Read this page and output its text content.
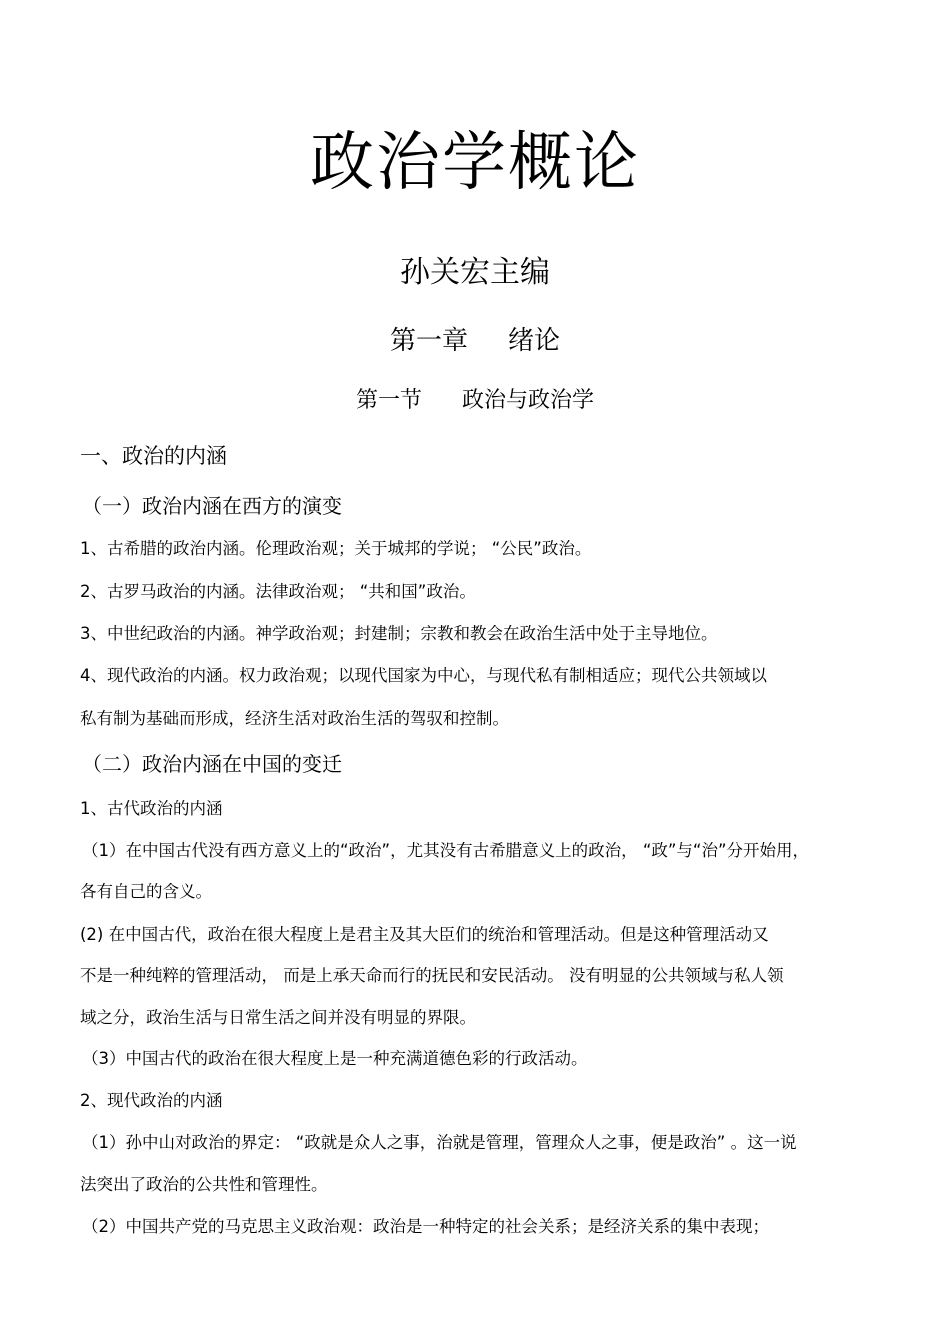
政治学概论
孙关宏主编
第一章 绪论
第一节 政治与政治学
一、政治的内涵
（一）政治内涵在西方的演变
1、古希腊的政治内涵。伦理政治观；关于城邦的学说； “公民”政治。
2、古罗马政治的内涵。法律政治观； “共和国”政治。
3、中世纪政治的内涵。神学政治观；封建制；宗教和教会在政治生活中处于主导地位。
4、现代政治的内涵。权力政治观；以现代国家为中心，与现代私有制相适应；现代公共领域以
私有制为基础而形成，经济生活对政治生活的驾驭和控制。
（二）政治内涵在中国的变迁
1、古代政治的内涵
（1）在中国古代没有西方意义上的“政治”，尤其没有古希腊意义上的政治， “政”与“治”分开始用，
各有自己的含义。
(2) 在中国古代，政治在很大程度上是君主及其大臣们的统治和管理活动。但是这种管理活动又
不是一种纯粹的管理活动， 而是上承天命而行的抚民和安民活动。 没有明显的公共领域与私人领
域之分，政治生活与日常生活之间并没有明显的界限。
（3）中国古代的政治在很大程度上是一种充满道德色彩的行政活动。
2、现代政治的内涵
（1）孙中山对政治的界定： “政就是众人之事，治就是管理，管理众人之事，便是政治” 。这一说
法突出了政治的公共性和管理性。
（2）中国共产党的马克思主义政治观：政治是一种特定的社会关系；是经济关系的集中表现；
